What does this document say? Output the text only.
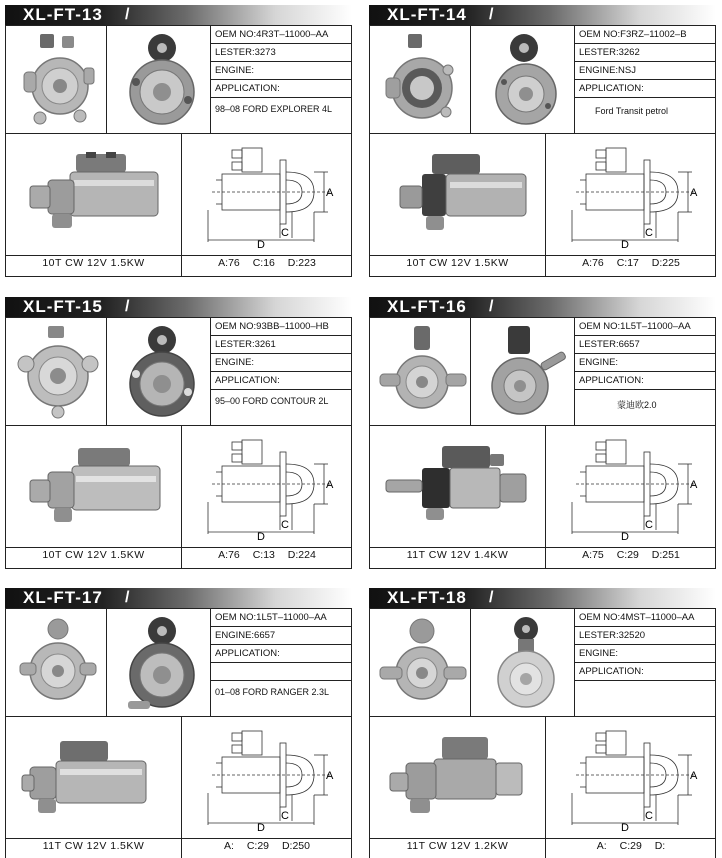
XL-FT-13 /
OEM NO:4R3T–11000–AA
LESTER:3273
ENGINE:
APPLICATION:
98–08 FORD EXPLORER 4L
A
C
D
10T CW 12V 1.5KW	A:76 C:16 D:223
XL-FT-14 /
OEM NO:F3RZ–11002–B
LESTER:3262
ENGINE:NSJ
APPLICATION:
Ford Transit petrol
A
C
D
10T CW 12V 1.5KW	A:76 C:17 D:225
XL-FT-15 /
OEM NO:93BB–11000–HB
LESTER:3261
ENGINE:
APPLICATION:
95–00 FORD CONTOUR 2L
A
C
D
10T CW 12V 1.5KW	A:76 C:13 D:224
XL-FT-16 /
OEM NO:1L5T–11000–AA
LESTER:6657
ENGINE:
APPLICATION:
蒙迪欧2.0
A
C
D
11T CW 12V 1.4KW	A:75 C:29 D:251
XL-FT-17 /
OEM NO:1L5T–11000–AA
ENGINE:6657
APPLICATION:
01–08 FORD RANGER 2.3L
A
C
D
11T CW 12V 1.5KW	A: C:29 D:250
XL-FT-18 /
OEM NO:4MST–11000–AA
LESTER:32520
ENGINE:
APPLICATION:
A
C
D
11T CW 12V 1.2KW	A: C:29 D:
